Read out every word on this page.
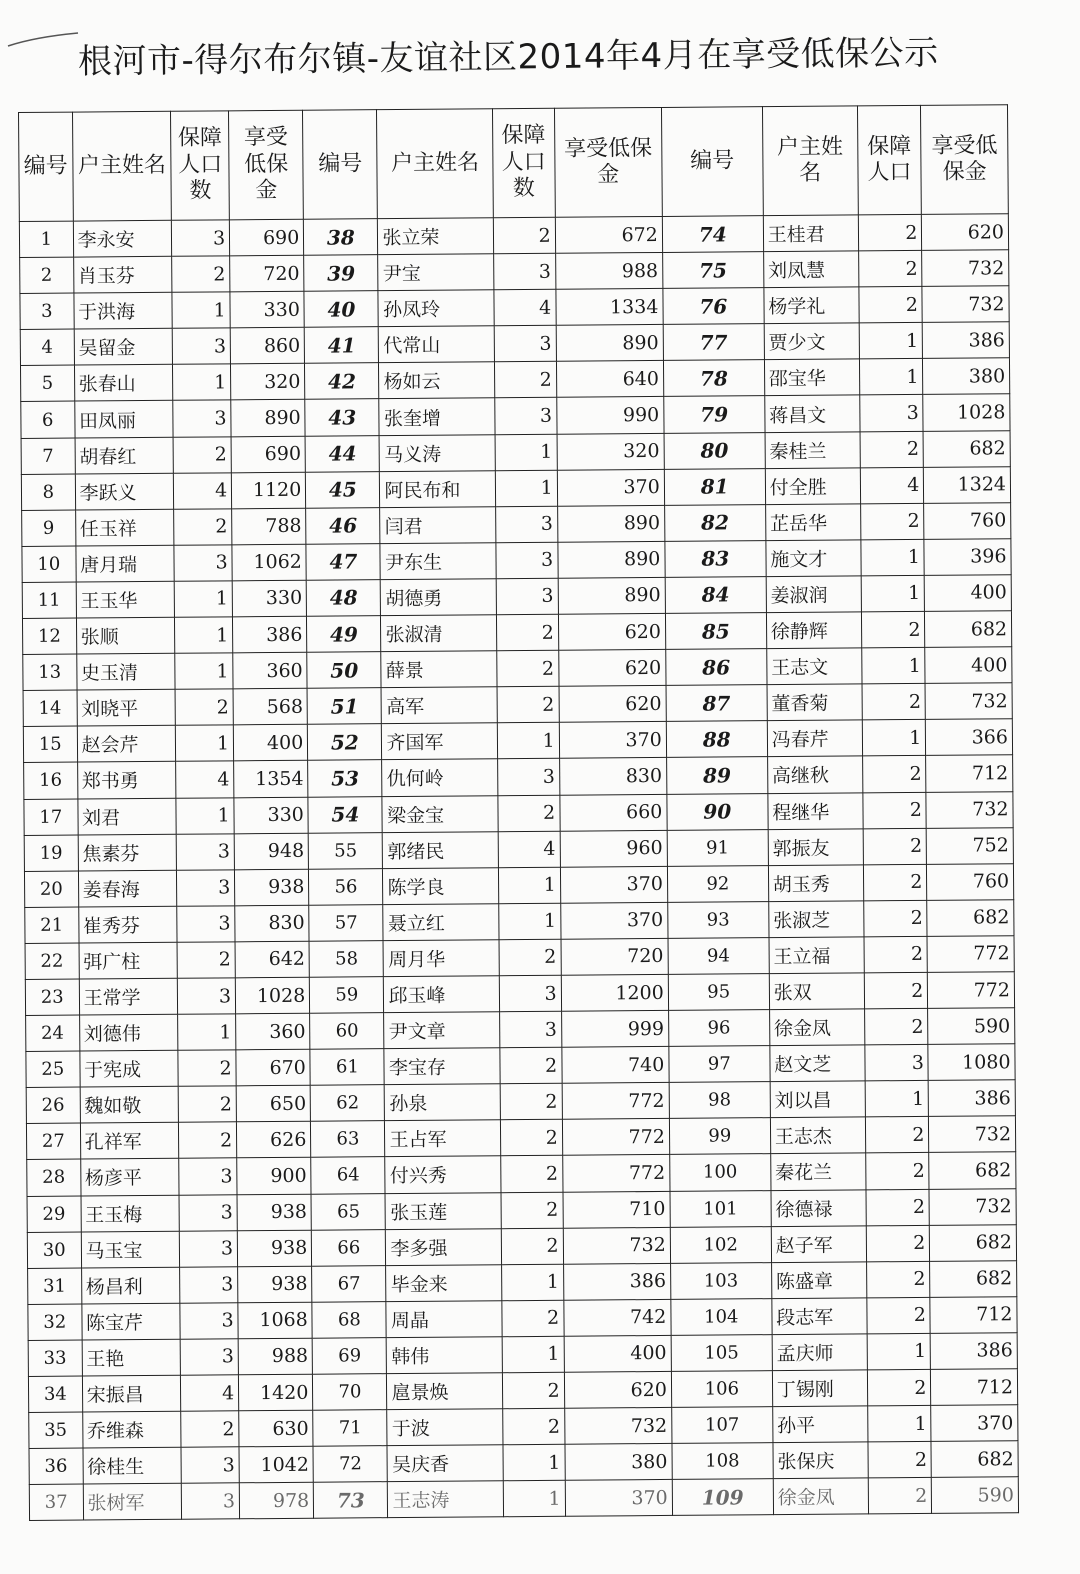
根河市-得尔布尔镇-友谊社区2014年4月在享受低保公示
编号	户主姓名	保障人口数	享受低保金	编号	户主姓名	保障人口数	享受低保金	编号	户主姓名	保障人口	享受低保金
1	李永安	3	690	38	张立荣	2	672	74	王桂君	2	620
2	肖玉芬	2	720	39	尹宝	3	988	75	刘凤慧	2	732
3	于洪海	1	330	40	孙凤玲	4	1334	76	杨学礼	2	732
4	吴留金	3	860	41	代常山	3	890	77	贾少文	1	386
5	张春山	1	320	42	杨如云	2	640	78	邵宝华	1	380
6	田凤丽	3	890	43	张奎增	3	990	79	蒋昌文	3	1028
7	胡春红	2	690	44	马义涛	1	320	80	秦桂兰	2	682
8	李跃义	4	1120	45	阿民布和	1	370	81	付全胜	4	1324
9	任玉祥	2	788	46	闫君	3	890	82	芷岳华	2	760
10	唐月瑞	3	1062	47	尹东生	3	890	83	施文才	1	396
11	王玉华	1	330	48	胡德勇	3	890	84	姜淑润	1	400
12	张顺	1	386	49	张淑清	2	620	85	徐静辉	2	682
13	史玉清	1	360	50	薛景	2	620	86	王志文	1	400
14	刘晓平	2	568	51	高军	2	620	87	董香菊	2	732
15	赵会芹	1	400	52	齐国军	1	370	88	冯春芹	1	366
16	郑书勇	4	1354	53	仇何岭	3	830	89	高继秋	2	712
17	刘君	1	330	54	梁金宝	2	660	90	程继华	2	732
19	焦素芬	3	948	55	郭绪民	4	960	91	郭振友	2	752
20	姜春海	3	938	56	陈学良	1	370	92	胡玉秀	2	760
21	崔秀芬	3	830	57	聂立红	1	370	93	张淑芝	2	682
22	弭广柱	2	642	58	周月华	2	720	94	王立福	2	772
23	王常学	3	1028	59	邱玉峰	3	1200	95	张双	2	772
24	刘德伟	1	360	60	尹文章	3	999	96	徐金凤	2	590
25	于宪成	2	670	61	李宝存	2	740	97	赵文芝	3	1080
26	魏如敬	2	650	62	孙泉	2	772	98	刘以昌	1	386
27	孔祥军	2	626	63	王占军	2	772	99	王志杰	2	732
28	杨彦平	3	900	64	付兴秀	2	772	100	秦花兰	2	682
29	王玉梅	3	938	65	张玉莲	2	710	101	徐德禄	2	732
30	马玉宝	3	938	66	李多强	2	732	102	赵子军	2	682
31	杨昌利	3	938	67	毕金来	1	386	103	陈盛章	2	682
32	陈宝芹	3	1068	68	周晶	2	742	104	段志军	2	712
33	王艳	3	988	69	韩伟	1	400	105	孟庆师	1	386
34	宋振昌	4	1420	70	扈景焕	2	620	106	丁锡刚	2	712
35	乔维森	2	630	71	于波	2	732	107	孙平	1	370
36	徐桂生	3	1042	72	吴庆香	1	380	108	张保庆	2	682
37	张树军	3	978	73	王志涛	1	370	109	徐金凤	2	590
